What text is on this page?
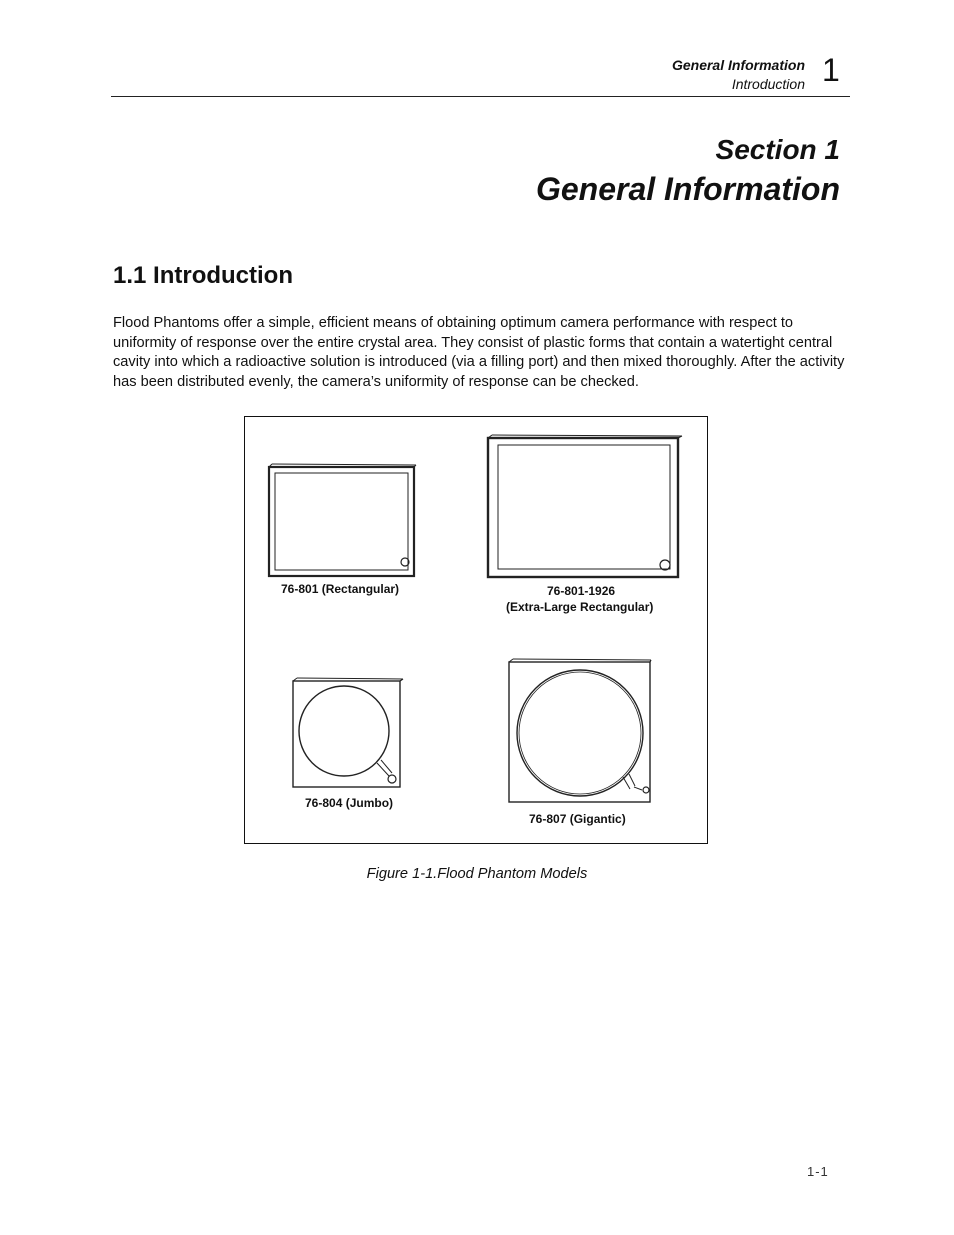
General Information
Introduction 1
Section 1
General Information
1.1 Introduction
Flood Phantoms offer a simple, efficient means of obtaining optimum camera performance with respect to uniformity of response over the entire crystal area. They consist of plastic forms that contain a watertight central cavity into which a radioactive solution is introduced (via a filling port) and then mixed thoroughly. After the activity has been distributed evenly, the camera’s uniformity of response can be checked.
76-801 (Rectangular)	76-801-1926
(Extra-Large Rectangular)
76-804 (Jumbo)
76-807 (Gigantic)
Figure 1-1.Flood Phantom Models
1-1
